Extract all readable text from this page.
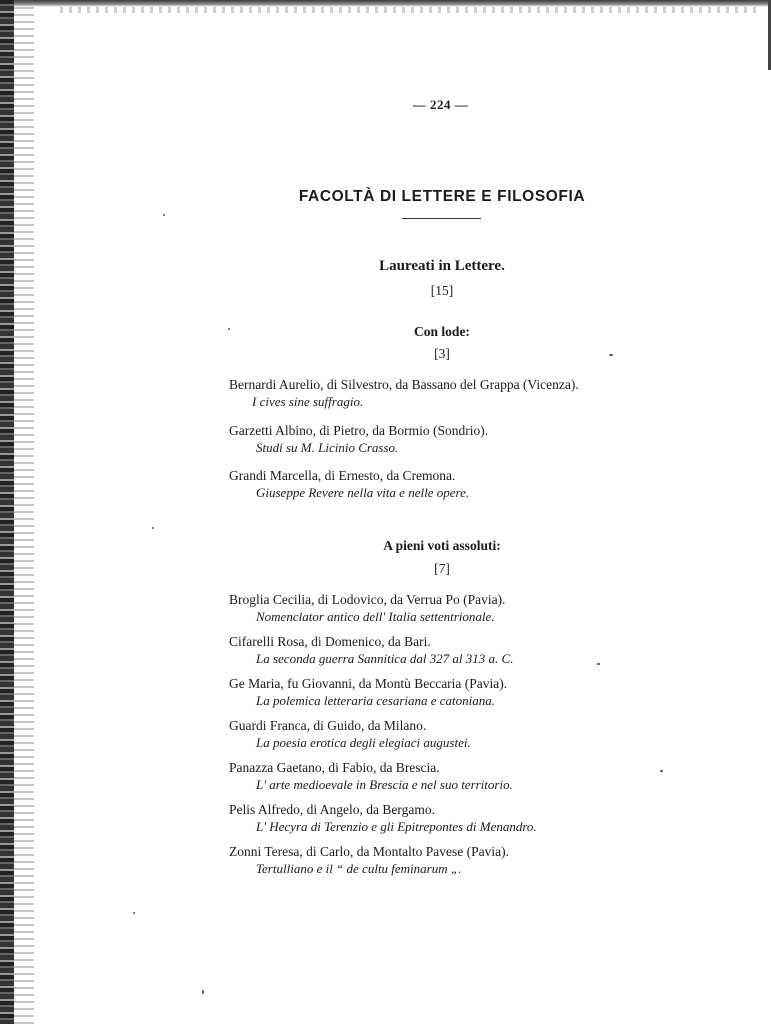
— 224 —
FACOLTÀ DI LETTERE E FILOSOFIA
Laureati in Lettere.
[15]
Con lode:
[3]
Bernardi Aurelio, di Silvestro, da Bassano del Grappa (Vicenza).
I cives sine suffragio.
Garzetti Albino, di Pietro, da Bormio (Sondrio).
Studi su M. Licinio Crasso.
Grandi Marcella, di Ernesto, da Cremona.
Giuseppe Revere nella vita e nelle opere.
A pieni voti assoluti:
[7]
Broglia Cecilia, di Lodovico, da Verrua Po (Pavia).
Nomenclator antico dell' Italia settentrionale.
Cifarelli Rosa, di Domenico, da Bari.
La seconda guerra Sannitica dal 327 al 313 a. C.
Ge Maria, fu Giovanni, da Montù Beccaria (Pavia).
La polemica letteraria cesariana e catoniana.
Guardi Franca, di Guido, da Milano.
La poesia erotica degli elegiaci augustei.
Panazza Gaetano, di Fabio, da Brescia.
L' arte medioevale in Brescia e nel suo territorio.
Pelis Alfredo, di Angelo, da Bergamo.
L' Hecyra di Terenzio e gli Epitrepontes di Menandro.
Zonni Teresa, di Carlo, da Montalto Pavese (Pavia).
Tertulliano e il “ de cultu feminarum „.
